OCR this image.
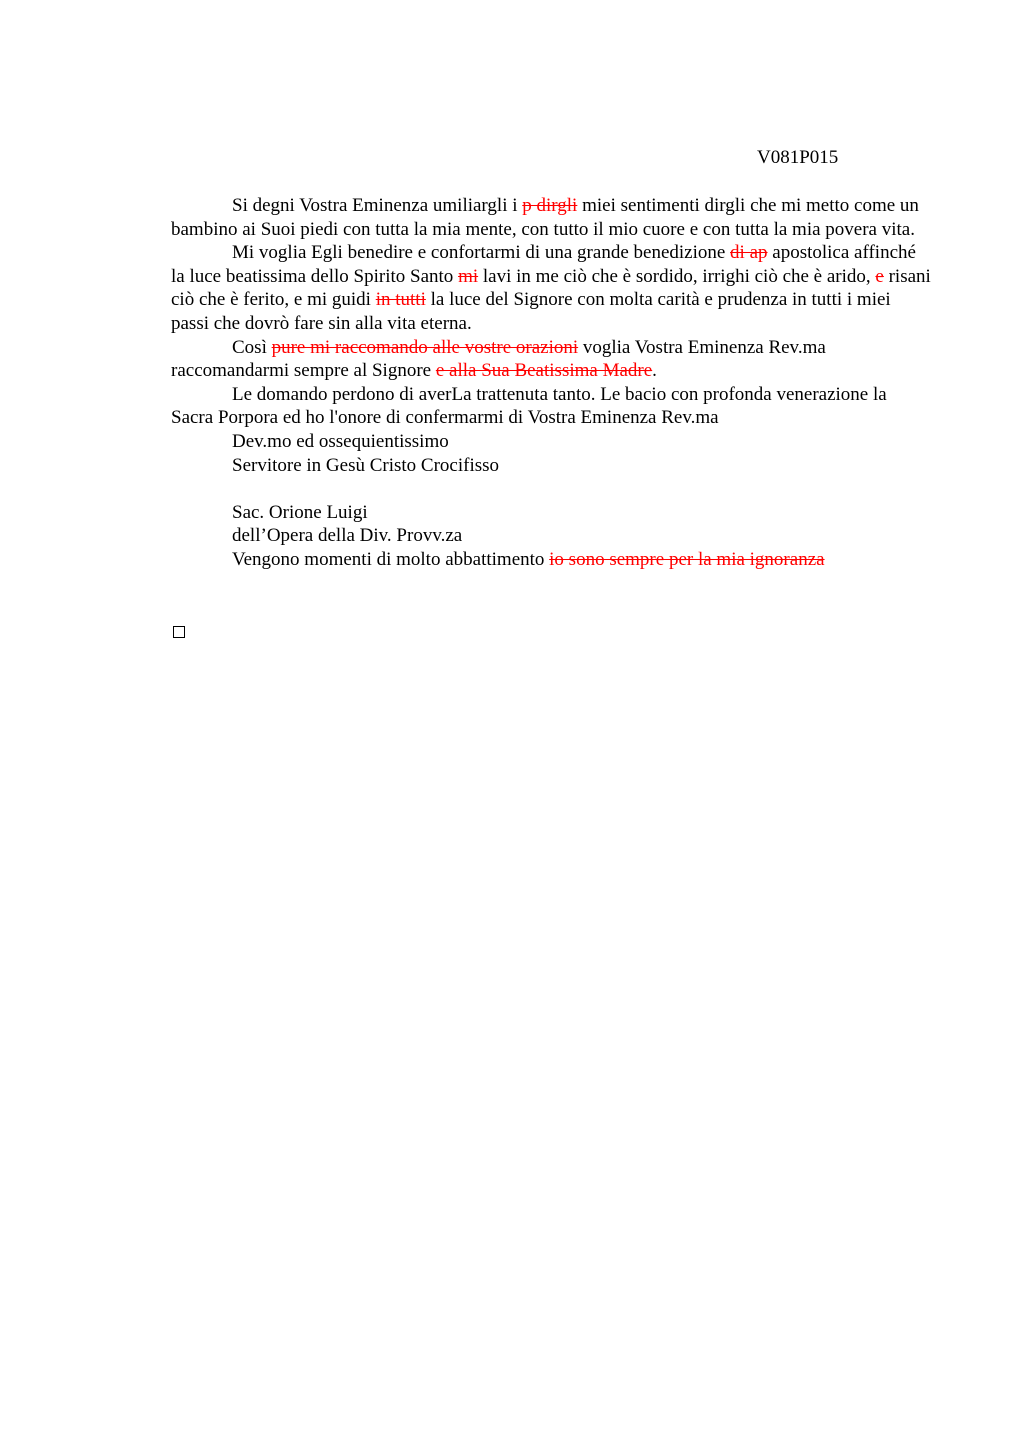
V081P015

Si degni Vostra Eminenza umiliargli i p dirgli miei sentimenti dirgli che mi metto come un bambino ai Suoi piedi con tutta la mia mente, con tutto il mio cuore e con tutta la mia povera vita.

Mi voglia Egli benedire e confortarmi di una grande benedizione di ap apostolica affinché la luce beatissima dello Spirito Santo mi lavi in me ciò che è sordido, irrighi ciò che è arido, e risani ciò che è ferito, e mi guidi in tutti la luce del Signore con molta carità e prudenza in tutti i miei passi che dovrò fare sin alla vita eterna.

Così pure mi raccomando alle vostre orazioni voglia Vostra Eminenza Rev.ma raccomandarmi sempre al Signore e alla Sua Beatissima Madre.

Le domando perdono di averLa trattenuta tanto. Le bacio con profonda venerazione la Sacra Porpora ed ho l'onore di confermarmi di Vostra Eminenza Rev.ma

Dev.mo ed ossequientissimo

Servitore in Gesù Cristo Crocifisso

Sac. Orione Luigi

dell’Opera della Div. Provv.za

Vengono momenti di molto abbattimento io sono sempre per la mia ignoranza
